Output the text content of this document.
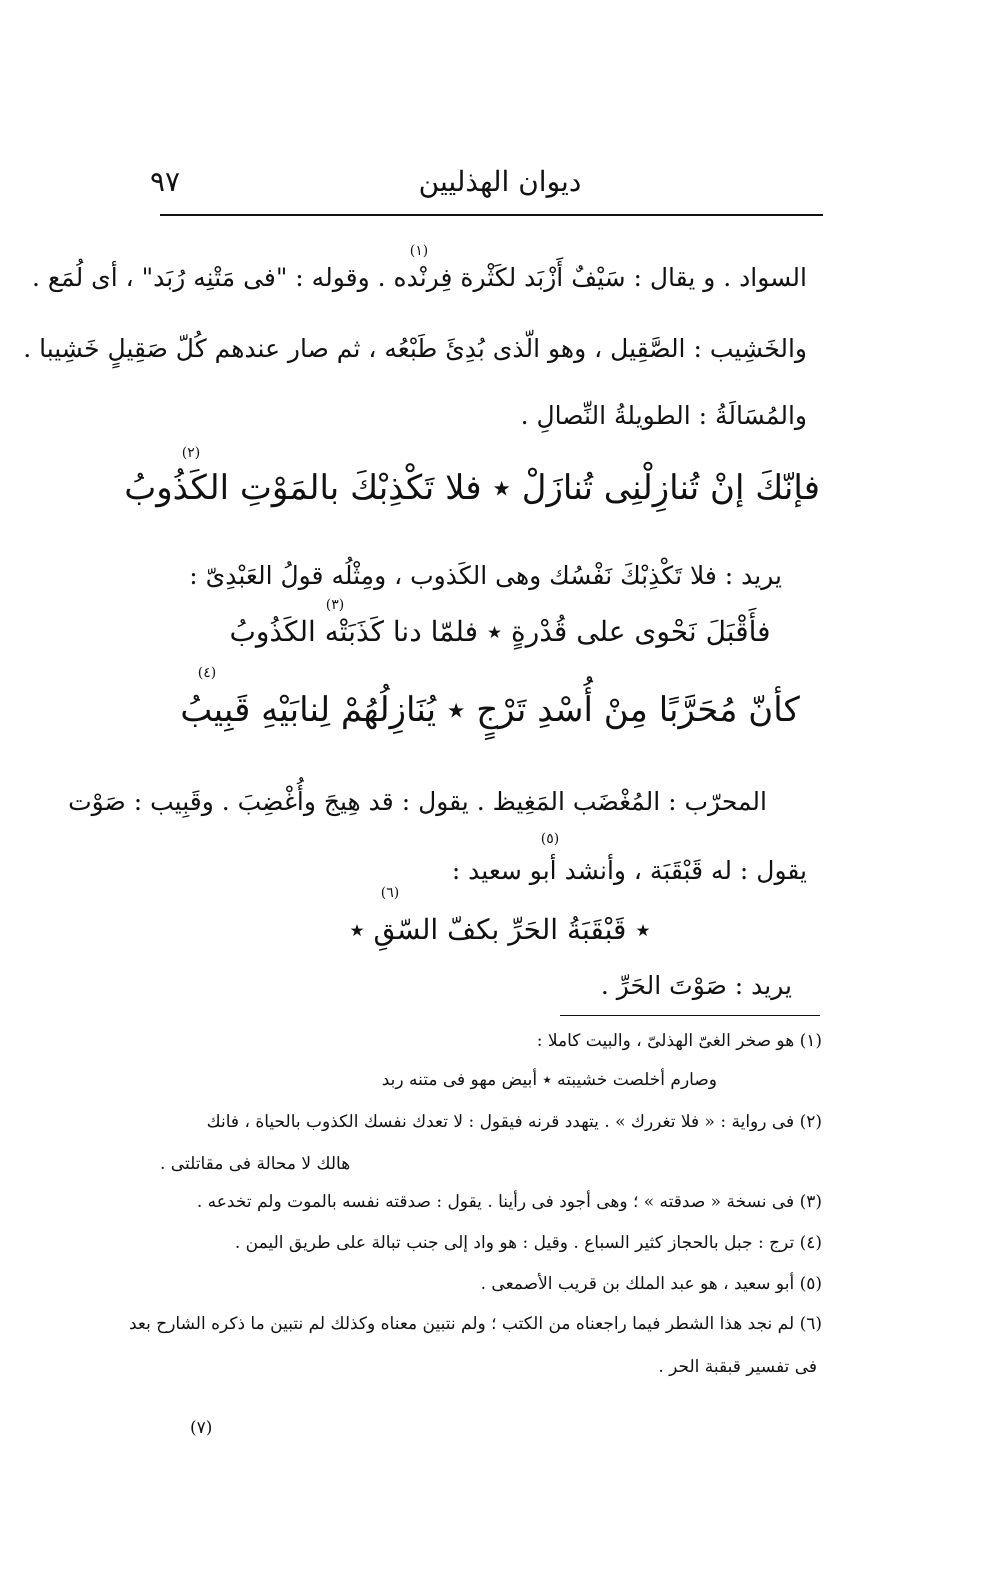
٩٧	ديوان الهذليين
(١)
(٢)
(٣)
(٤)
(٥)
(٦)
السواد . و يقال : سَيْفٌ أَزْبَد لكَثْرة فِرنْده . وقوله : "فى مَتْنِه رُبَد" ، أى لُمَع .
والخَشِيب : الصَّقِيل ، وهو الّذى بُدِئَ طَبْعُه ، ثم صار عندهم كُلّ صَقِيلٍ خَشِيبا .
والمُسَالَةُ : الطويلةُ النِّصالِ .
فإنّكَ إنْ تُنازِلْنِى تُنازَلْ ٭ فلا تَكْذِبْكَ بالمَوْتِ الكَذُوبُ
يريد : فلا تَكْذِبْكَ نَفْسُك وهى الكَذوب ، ومِثْلُه قولُ العَبْدِىّ :
فأَقْبَلَ نَحْوى على قُدْرةٍ ٭ فلمّا دنا كَذَبَتْه الكَذُوبُ
كأنّ مُحَرَّبًا مِنْ أُسْدِ تَرْجٍ ٭ يُنَازِلُهُمْ لِنابَيْهِ قَبِيبُ
المحرّب : المُغْضَب المَغِيظ . يقول : قد هِيجَ وأُغْضِبَ . وقَبِيب : صَوْت
يقول : له قَبْقَبَة ، وأنشد أبو سعيد :
٭ قَبْقَبَةُ الحَرِّ بكفّ السّقِ ٭
يريد : صَوْتَ الحَرِّ .
(١) هو صخر الغىّ الهذلىّ ، والبيت كاملا :
وصارم أخلصت خشيبته ٭ أبيض مهو فى متنه ربد
(٢) فى رواية : « فلا تغررك » . يتهدد قرنه فيقول : لا تعدك نفسك الكذوب بالحياة ، فانك
هالك لا محالة فى مقاتلتى .
(٣) فى نسخة « صدقته » ؛ وهى أجود فى رأينا . يقول : صدقته نفسه بالموت ولم تخدعه .
(٤) ترج : جبل بالحجاز كثير السباع . وقيل : هو واد إلى جنب تبالة على طريق اليمن .
(٥) أبو سعيد ، هو عبد الملك بن قريب الأصمعى .
(٦) لم نجد هذا الشطر فيما راجعناه من الكتب ؛ ولم نتبين معناه وكذلك لم نتبين ما ذكره الشارح بعد
فى تفسير قبقبة الحر .
(٧)
